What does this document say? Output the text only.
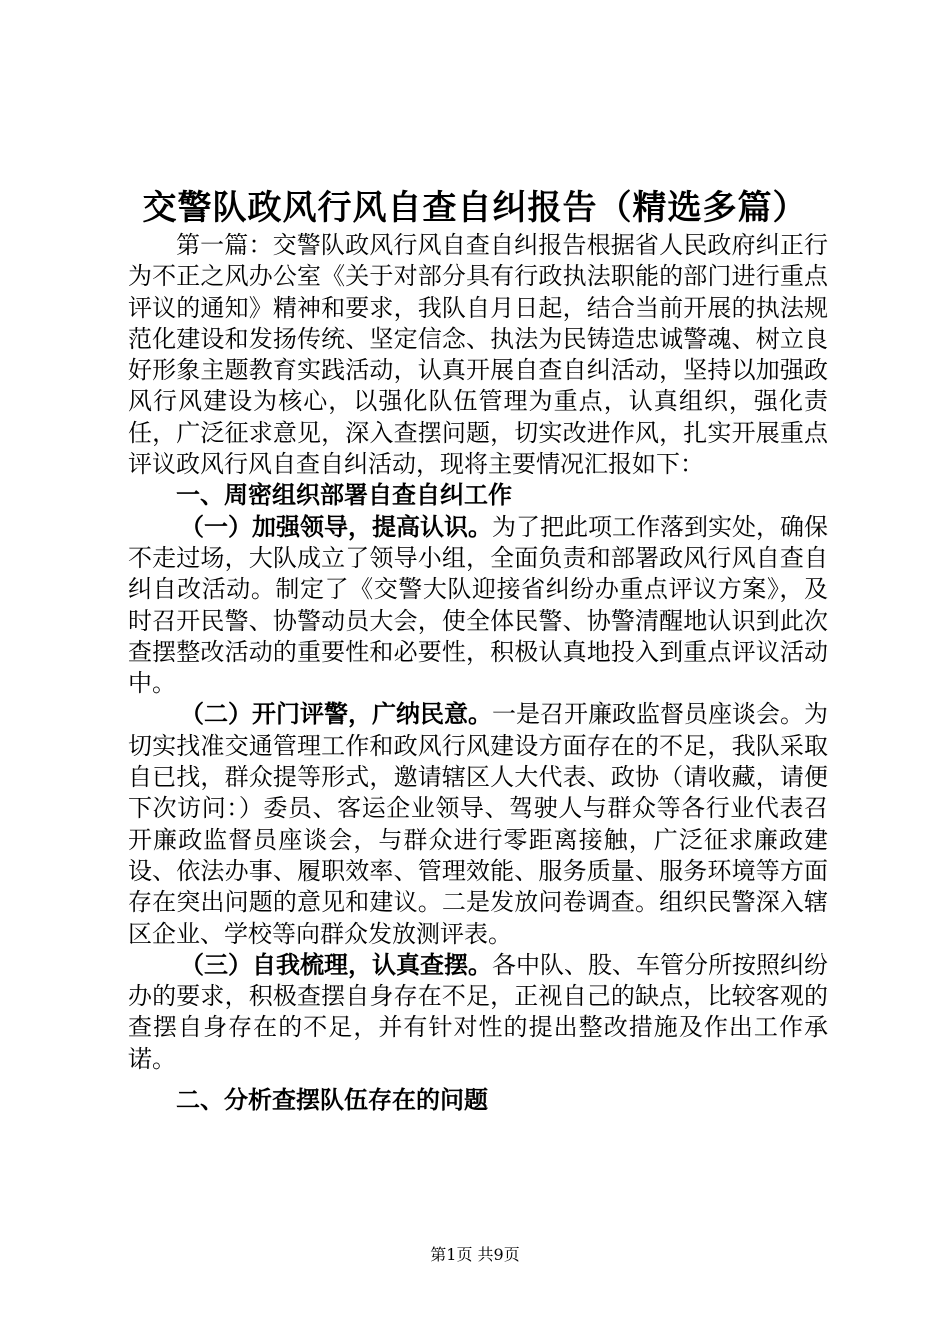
交警队政风行风自查自纠报告（精选多篇）

第一篇：交警队政风行风自查自纠报告根据省人民政府纠正行为不正之风办公室《关于对部分具有行政执法职能的部门进行重点评议的通知》精神和要求，我队自月日起，结合当前开展的执法规范化建设和发扬传统、坚定信念、执法为民铸造忠诚警魂、树立良好形象主题教育实践活动，认真开展自查自纠活动，坚持以加强政风行风建设为核心，以强化队伍管理为重点，认真组织，强化责任，广泛征求意见，深入查摆问题，切实改进作风，扎实开展重点评议政风行风自查自纠活动，现将主要情况汇报如下：

一、周密组织部署自查自纠工作

（一）加强领导，提高认识。为了把此项工作落到实处，确保不走过场，大队成立了领导小组，全面负责和部署政风行风自查自纠自改活动。制定了《交警大队迎接省纠纷办重点评议方案》，及时召开民警、协警动员大会，使全体民警、协警清醒地认识到此次查摆整改活动的重要性和必要性，积极认真地投入到重点评议活动中。

（二）开门评警，广纳民意。一是召开廉政监督员座谈会。为切实找准交通管理工作和政风行风建设方面存在的不足，我队采取自已找，群众提等形式，邀请辖区人大代表、政协（请收藏，请便下次访问：）委员、客运企业领导、驾驶人与群众等各行业代表召开廉政监督员座谈会，与群众进行零距离接触，广泛征求廉政建设、依法办事、履职效率、管理效能、服务质量、服务环境等方面存在突出问题的意见和建议。二是发放问卷调查。组织民警深入辖区企业、学校等向群众发放测评表。

（三）自我梳理，认真查摆。各中队、股、车管分所按照纠纷办的要求，积极查摆自身存在不足，正视自己的缺点，比较客观的查摆自身存在的不足，并有针对性的提出整改措施及作出工作承诺。

二、分析查摆队伍存在的问题

第1页 共9页
